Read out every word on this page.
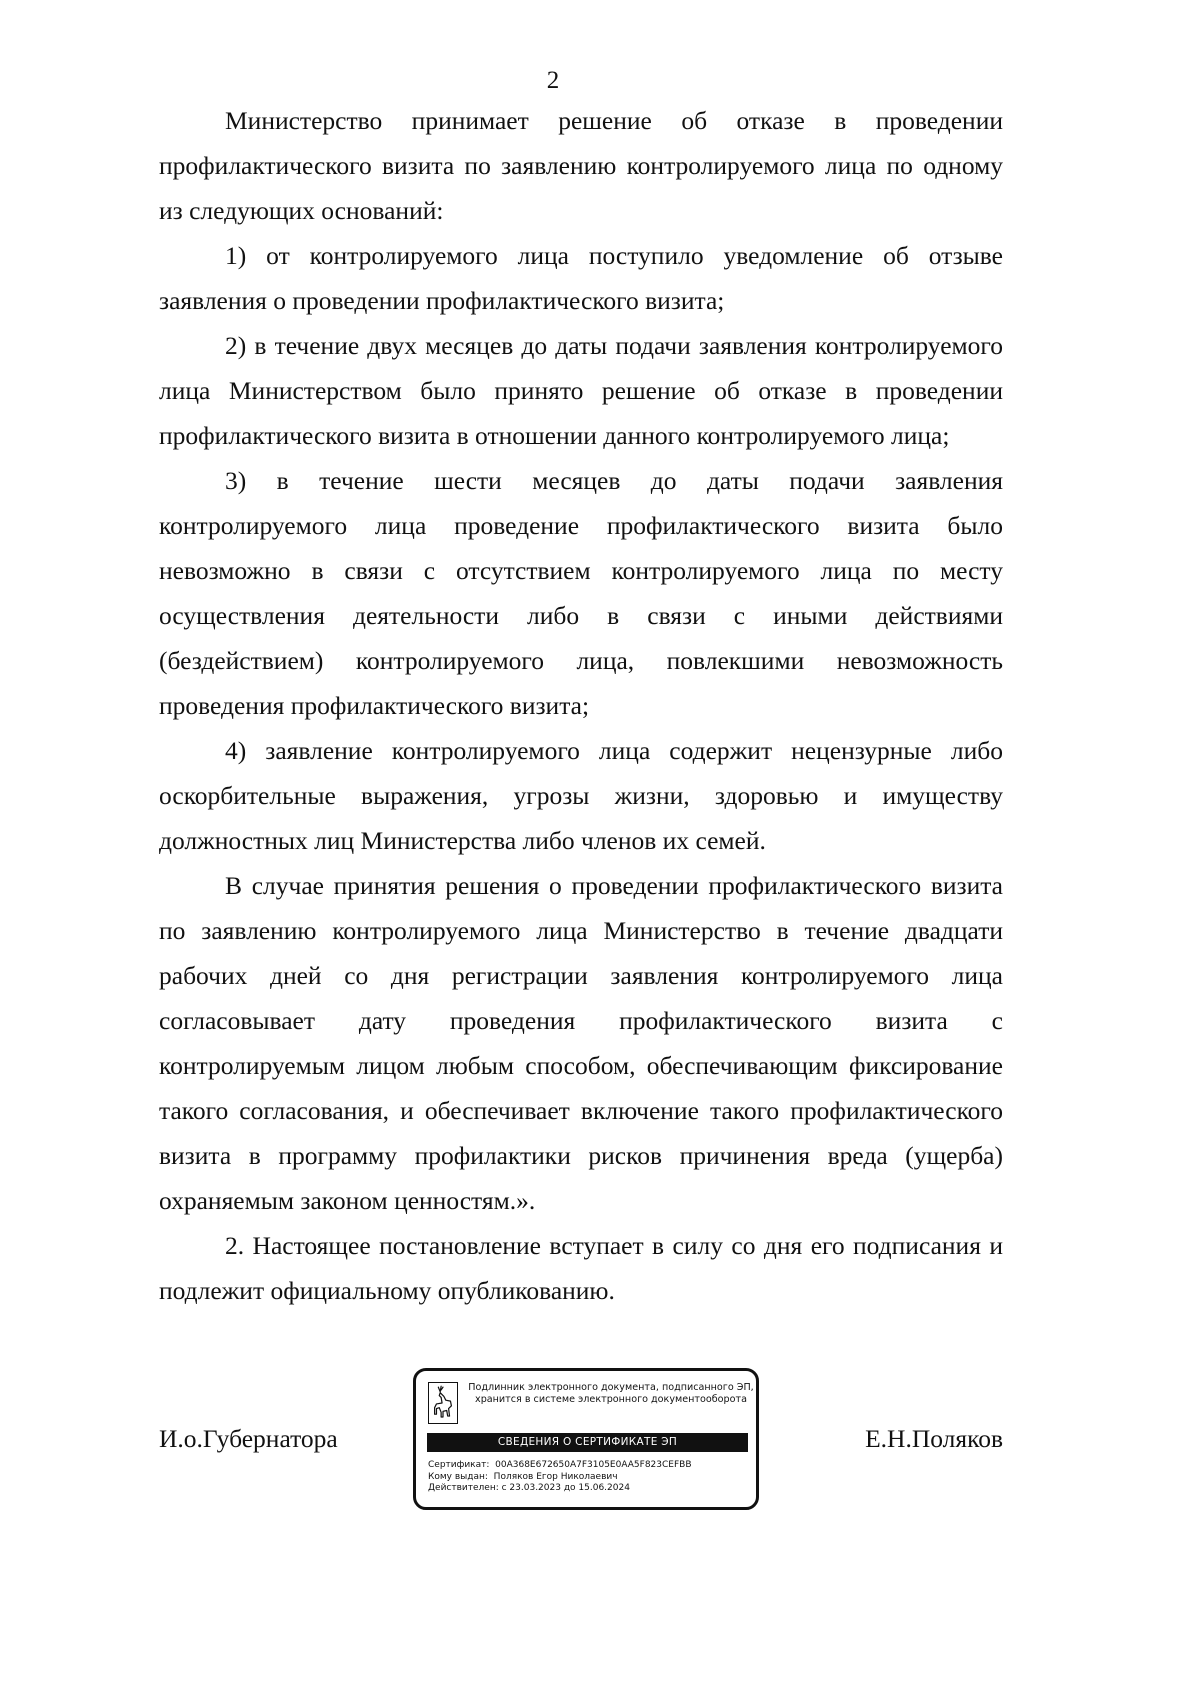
2

Министерство принимает решение об отказе в проведении профилактического визита по заявлению контролируемого лица по одному из следующих оснований:

1) от контролируемого лица поступило уведомление об отзыве заявления о проведении профилактического визита;

2) в течение двух месяцев до даты подачи заявления контролируемого лица Министерством было принято решение об отказе в проведении профилактического визита в отношении данного контролируемого лица;

3) в течение шести месяцев до даты подачи заявления контролируемого лица проведение профилактического визита было невозможно в связи с отсутствием контролируемого лица по месту осуществления деятельности либо в связи с иными действиями (бездействием) контролируемого лица, повлекшими невозможность проведения профилактического визита;

4) заявление контролируемого лица содержит нецензурные либо оскорбительные выражения, угрозы жизни, здоровью и имуществу должностных лиц Министерства либо членов их семей.

В случае принятия решения о проведении профилактического визита по заявлению контролируемого лица Министерство в течение двадцати рабочих дней со дня регистрации заявления контролируемого лица согласовывает дату проведения профилактического визита с контролируемым лицом любым способом, обеспечивающим фиксирование такого согласования, и обеспечивает включение такого профилактического визита в программу профилактики рисков причинения вреда (ущерба) охраняемым законом ценностям.».

2. Настоящее постановление вступает в силу со дня его подписания и подлежит официальному опубликованию.

И.о.Губернатора
Подлинник электронного документа, подписанного ЭП,
хранится в системе электронного документооборота
СВЕДЕНИЯ О СЕРТИФИКАТЕ ЭП
Сертификат: 00A368E672650A7F3105E0AA5F823CEFBB
Кому выдан: Поляков Егор Николаевич
Действителен: с 23.03.2023 до 15.06.2024
Е.Н.Поляков
